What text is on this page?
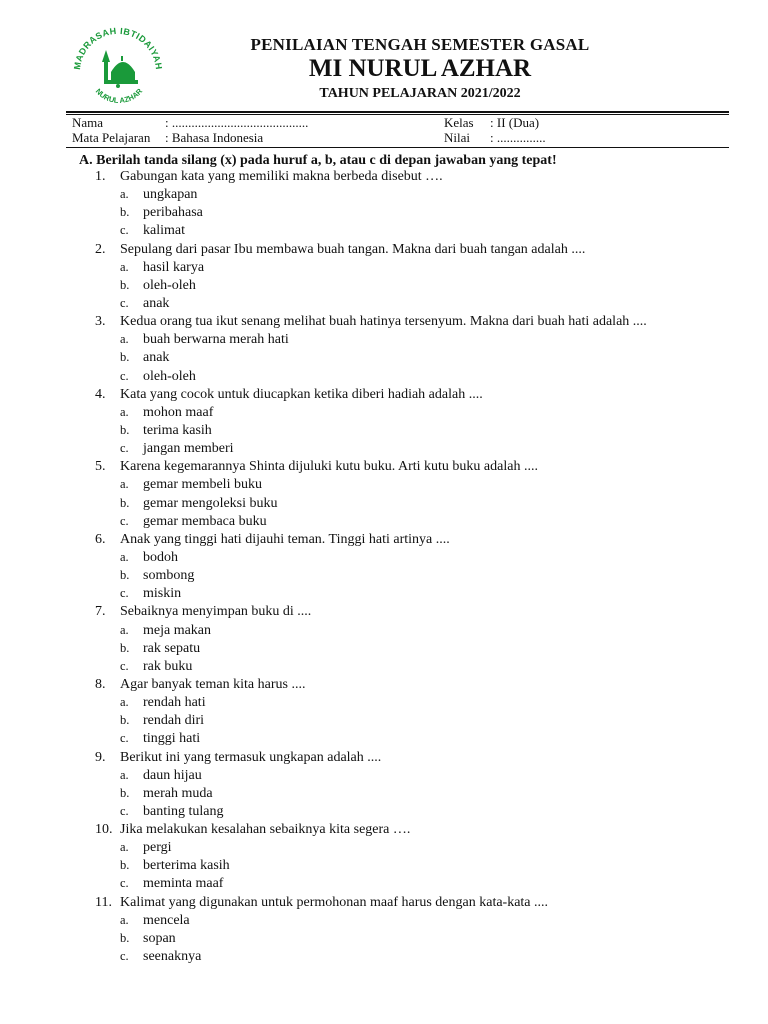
MADRASAH IBTIDAIYAH
NURUL AZHAR
PENILAIAN TENGAH SEMESTER GASAL
MI NURUL AZHAR
TAHUN PELAJARAN 2021/2022
Nama	: ..........................................
Mata Pelajaran : Bahasa Indonesia
Kelas : II (Dua)
Nilai : ...............
A. Berilah tanda silang (x) pada huruf a, b, atau c di depan jawaban yang tepat!
1. Gabungan kata yang memiliki makna berbeda disebut ….
a. ungkapan
b. peribahasa
c. kalimat
2. Sepulang dari pasar Ibu membawa buah tangan. Makna dari buah tangan adalah ....
a. hasil karya
b. oleh-oleh
c. anak
3. Kedua orang tua ikut senang melihat buah hatinya tersenyum. Makna dari buah hati adalah ....
a. buah berwarna merah hati
b. anak
c. oleh-oleh
4. Kata yang cocok untuk diucapkan ketika diberi hadiah adalah ....
a. mohon maaf
b. terima kasih
c. jangan memberi
5. Karena kegemarannya Shinta dijuluki kutu buku. Arti kutu buku adalah ....
a. gemar membeli buku
b. gemar mengoleksi buku
c. gemar membaca buku
6. Anak yang tinggi hati dijauhi teman. Tinggi hati artinya ....
a. bodoh
b. sombong
c. miskin
7. Sebaiknya menyimpan buku di ....
a. meja makan
b. rak sepatu
c. rak buku
8. Agar banyak teman kita harus ....
a. rendah hati
b. rendah diri
c. tinggi hati
9. Berikut ini yang termasuk ungkapan adalah ....
a. daun hijau
b. merah muda
c. banting tulang
10. Jika melakukan kesalahan sebaiknya kita segera ….
a. pergi
b. berterima kasih
c. meminta maaf
11. Kalimat yang digunakan untuk permohonan maaf harus dengan kata-kata ....
a. mencela
b. sopan
c. seenaknya
